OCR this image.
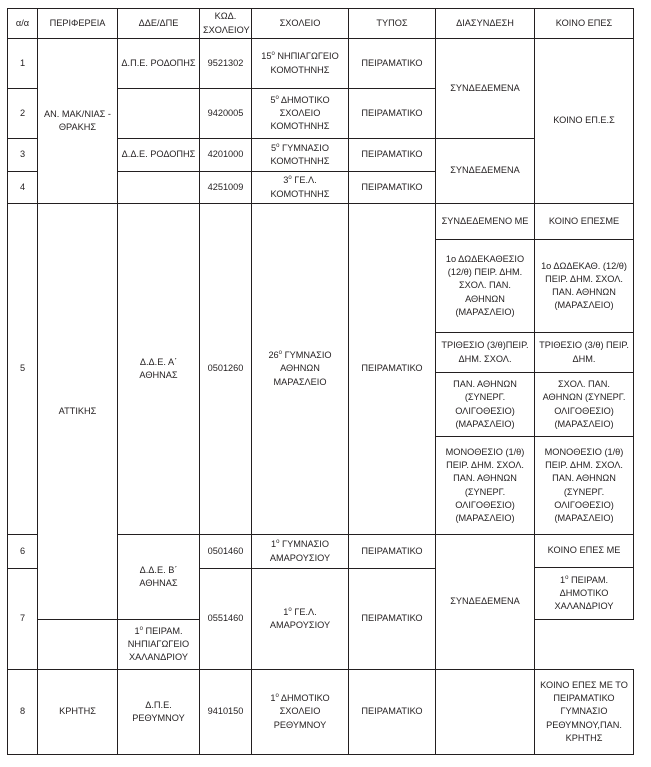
α/α	ΠΕΡΙΦΕΡΕΙΑ	ΔΔΕ/ΔΠΕ	ΚΩΔ. ΣΧΟΛΕΙΟΥ	ΣΧΟΛΕΙΟ	ΤΥΠΟΣ	ΔΙΑΣΥΝΔΕΣΗ	ΚΟΙΝΟ ΕΠΕΣ
1	ΑΝ. ΜΑΚ/ΝΙΑΣ - ΘΡΑΚΗΣ	Δ.Π.Ε. ΡΟΔΟΠΗΣ	9521302	$15^o$ ΝΗΠΙΑΓΩΓΕΙΟ ΚΟΜΟΤΗΝΗΣ	ΠΕΙΡΑΜΑΤΙΚΟ	ΣΥΝΔΕΔΕΜΕΝΑ	ΚΟΙΝΟ ΕΠ.Ε.Σ
2			9420005	$5^o$ ΔΗΜΟΤΙΚΟ ΣΧΟΛΕΙΟ ΚΟΜΟΤΗΝΗΣ	ΠΕΙΡΑΜΑΤΙΚΟ		
3		Δ.Δ.Ε. ΡΟΔΟΠΗΣ	4201000	$5^o$ ΓΥΜΝΑΣΙΟ ΚΟΜΟΤΗΝΗΣ	ΠΕΙΡΑΜΑΤΙΚΟ	ΣΥΝΔΕΔΕΜΕΝΑ	
4			4251009	$3^o$ ΓΕ.Λ. ΚΟΜΟΤΗΝΗΣ	ΠΕΙΡΑΜΑΤΙΚΟ		
5	ΑΤΤΙΚΗΣ	Δ.Δ.Ε. Α΄ ΑΘΗΝΑΣ	0501260	$26^o$ ΓΥΜΝΑΣΙΟ ΑΘΗΝΩΝ ΜΑΡΑΣΛΕΙΟ	ΠΕΙΡΑΜΑΤΙΚΟ	ΣΥΝΔΕΔΕΜΕΝΟ ΜΕ	ΚΟΙΝΟ ΕΠΕΣΜΕ
						1ο ΔΩΔΕΚΑΘΕΣΙΟ (12/θ) ΠΕΙΡ. ΔΗΜ. ΣΧΟΛ. ΠΑΝ. ΑΘΗΝΩΝ (ΜΑΡΑΣΛΕΙΟ)	1ο ΔΩΔΕΚΑΘ. (12/θ) ΠΕΙΡ. ΔΗΜ. ΣΧΟΛ. ΠΑΝ. ΑΘΗΝΩΝ (ΜΑΡΑΣΛΕΙΟ)
						ΤΡΙΘΕΣΙΟ (3/θ)ΠΕΙΡ. ΔΗΜ. ΣΧΟΛ.	ΤΡΙΘΕΣΙΟ (3/θ) ΠΕΙΡ. ΔΗΜ.
						ΠΑΝ. ΑΘΗΝΩΝ (ΣΥΝΕΡΓ. ΟΛΙΓΟΘΕΣΙΟ) (ΜΑΡΑΣΛΕΙΟ)	ΣΧΟΛ. ΠΑΝ. ΑΘΗΝΩΝ (ΣΥΝΕΡΓ. ΟΛΙΓΟΘΕΣΙΟ) (ΜΑΡΑΣΛΕΙΟ)
						ΜΟΝΟΘΕΣΙΟ (1/θ) ΠΕΙΡ. ΔΗΜ. ΣΧΟΛ. ΠΑΝ. ΑΘΗΝΩΝ (ΣΥΝΕΡΓ. ΟΛΙΓΟΘΕΣΙΟ) (ΜΑΡΑΣΛΕΙΟ)	ΜΟΝΟΘΕΣΙΟ (1/θ) ΠΕΙΡ. ΔΗΜ. ΣΧΟΛ. ΠΑΝ. ΑΘΗΝΩΝ (ΣΥΝΕΡΓ. ΟΛΙΓΟΘΕΣΙΟ) (ΜΑΡΑΣΛΕΙΟ)
6		Δ.Δ.Ε. Β΄ ΑΘΗΝΑΣ	0501460	$1^o$ ΓΥΜΝΑΣΙΟ ΑΜΑΡΟΥΣΙΟΥ	ΠΕΙΡΑΜΑΤΙΚΟ	ΣΥΝΔΕΔΕΜΕΝΑ	ΚΟΙΝΟ ΕΠΕΣ ΜΕ
							$1^o$ ΠΕΙΡΑΜ. ΔΗΜΟΤΙΚΟ ΧΑΛΑΝΔΡΙΟΥ
7			0551460	$1^o$ ΓΕ.Λ. ΑΜΑΡΟΥΣΙΟΥ	ΠΕΙΡΑΜΑΤΙΚΟ		
		$1^o$ ΠΕΙΡΑΜ. ΝΗΠΙΑΓΩΓΕΙΟ ΧΑΛΑΝΔΡΙΟΥ					
8	ΚΡΗΤΗΣ	Δ.Π.Ε. ΡΕΘΥΜΝΟΥ	9410150	$1^o$ ΔΗΜΟΤΙΚΟ ΣΧΟΛΕΙΟ ΡΕΘΥΜΝΟΥ	ΠΕΙΡΑΜΑΤΙΚΟ		ΚΟΙΝΟ ΕΠΕΣ ΜΕ ΤΟ ΠΕΙΡΑΜΑΤΙΚΟ ΓΥΜΝΑΣΙΟ ΡΕΘΥΜΝΟΥ,ΠΑΝ. ΚΡΗΤΗΣ
